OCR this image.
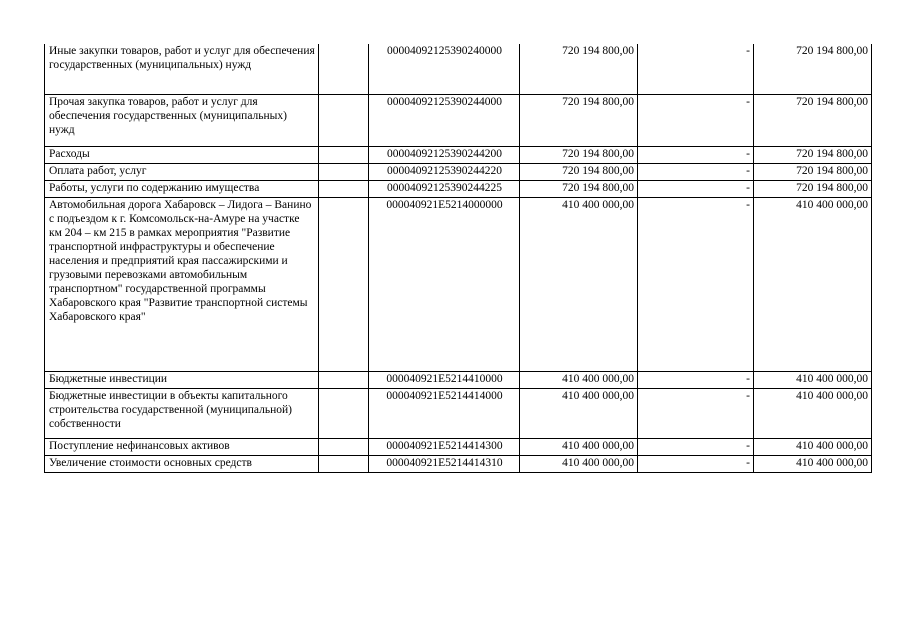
Иные закупки товаров, работ и услуг для обеспечения государственных (муниципальных) нужд		00004092125390240000	720 194 800,00	-	720 194 800,00
Прочая закупка товаров, работ и услуг для обеспечения государственных (муниципальных) нужд		00004092125390244000	720 194 800,00	-	720 194 800,00
Расходы		00004092125390244200	720 194 800,00	-	720 194 800,00
Оплата работ, услуг		00004092125390244220	720 194 800,00	-	720 194 800,00
Работы, услуги по содержанию имущества		00004092125390244225	720 194 800,00	-	720 194 800,00
Автомобильная дорога Хабаровск – Лидога – Ванино с подъездом к г. Комсомольск-на-Амуре на участке км 204 – км 215 в рамках мероприятия "Развитие транспортной инфраструктуры и обеспечение населения и предприятий края пассажирскими и грузовыми перевозками автомобильным транспортном" государственной программы Хабаровского края "Развитие транспортной системы Хабаровского края"		000040921E5214000000	410 400 000,00	-	410 400 000,00
Бюджетные инвестиции		000040921E5214410000	410 400 000,00	-	410 400 000,00
Бюджетные инвестиции в объекты капитального строительства государственной (муниципальной) собственности		000040921E5214414000	410 400 000,00	-	410 400 000,00
Поступление нефинансовых активов		000040921E5214414300	410 400 000,00	-	410 400 000,00
Увеличение стоимости основных средств		000040921E5214414310	410 400 000,00	-	410 400 000,00
